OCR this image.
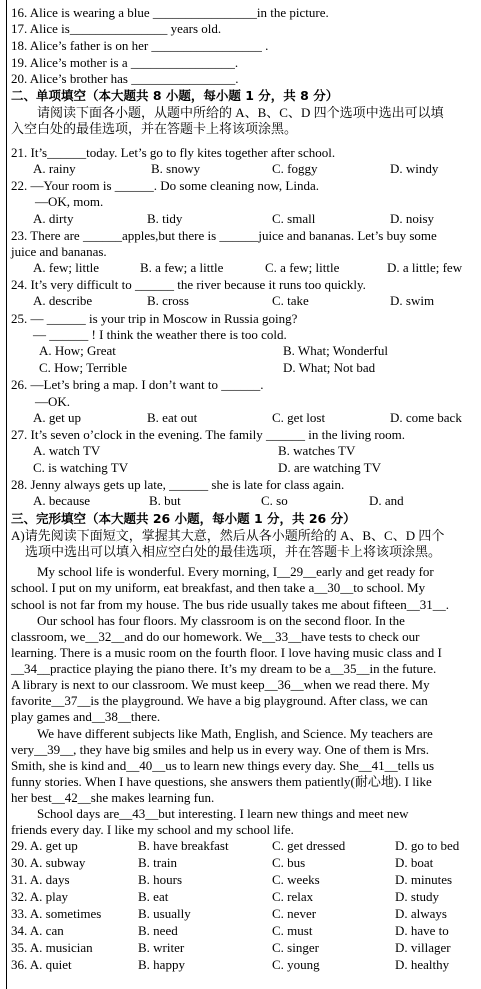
16. Alice is wearing a blue ________________in the picture.
17. Alice is_______________ years old.
18. Alice’s father is on her _________________ .
19. Alice’s mother is a ________________.
20. Alice’s brother has ________________.
二、单项填空（本大题共 8 小题，每小题 1 分，共 8 分）
请阅读下面各小题，从题中所给的 A、B、C、D 四个选项中选出可以填
入空白处的最佳选项，并在答题卡上将该项涂黑。
21. It’s______today. Let’s go to fly kites together after school.
A. rainy	B. snowy	C. foggy	D. windy
22. —Your room is ______. Do some cleaning now, Linda.
—OK, mom.
A. dirty	B. tidy	C. small	D. noisy
23. There are ______apples,but there is ______juice and bananas. Let’s buy some
juice and bananas.
A. few; little	B. a few; a little	C. a few; little	D. a little; few
24. It’s very difficult to ______ the river because it runs too quickly.
A. describe	B. cross	C. take	D. swim
25. — ______ is your trip in Moscow in Russia going?
— ______ ! I think the weather there is too cold.
A. How; Great	B. What; Wonderful
C. How; Terrible	D. What; Not bad
26. —Let’s bring a map. I don’t want to ______.
—OK.
A. get up	B. eat out	C. get lost	D. come back
27. It’s seven o’clock in the evening. The family ______ in the living room.
A. watch TV	B. watches TV
C. is watching TV	D. are watching TV
28. Jenny always gets up late, ______ she is late for class again.
A. because	B. but	C. so	D. and
三、完形填空（本大题共 26 小题，每小题 1 分，共 26 分）
A)请先阅读下面短文，掌握其大意，然后从各小题所给的 A、B、C、D 四个
选项中选出可以填入相应空白处的最佳选项，并在答题卡上将该项涂黑。
My school life is wonderful. Every morning, I__29__early and get ready for
school. I put on my uniform, eat breakfast, and then take a__30__to school. My
school is not far from my house. The bus ride usually takes me about fifteen__31__.
Our school has four floors. My classroom is on the second floor. In the
classroom, we__32__and do our homework. We__33__have tests to check our
learning. There is a music room on the fourth floor. I love having music class and I
__34__practice playing the piano there. It’s my dream to be a__35__in the future.
A library is next to our classroom. We must keep__36__when we read there. My
favorite__37__is the playground. We have a big playground. After class, we can
play games and__38__there.
We have different subjects like Math, English, and Science. My teachers are
very__39__, they have big smiles and help us in every way. One of them is Mrs.
Smith, she is kind and__40__us to learn new things every day. She__41__tells us
funny stories. When I have questions, she answers them patiently(耐心地). I like
her best__42__she makes learning fun.
School days are__43__but interesting. I learn new things and meet new
friends every day. I like my school and my school life.
29. A. get up	B. have breakfast	C. get dressed	D. go to bed
30. A. subway	B. train	C. bus	D. boat
31. A. days	B. hours	C. weeks	D. minutes
32. A. play	B. eat	C. relax	D. study
33. A. sometimes	B. usually	C. never	D. always
34. A. can	B. need	C. must	D. have to
35. A. musician	B. writer	C. singer	D. villager
36. A. quiet	B. happy	C. young	D. healthy
